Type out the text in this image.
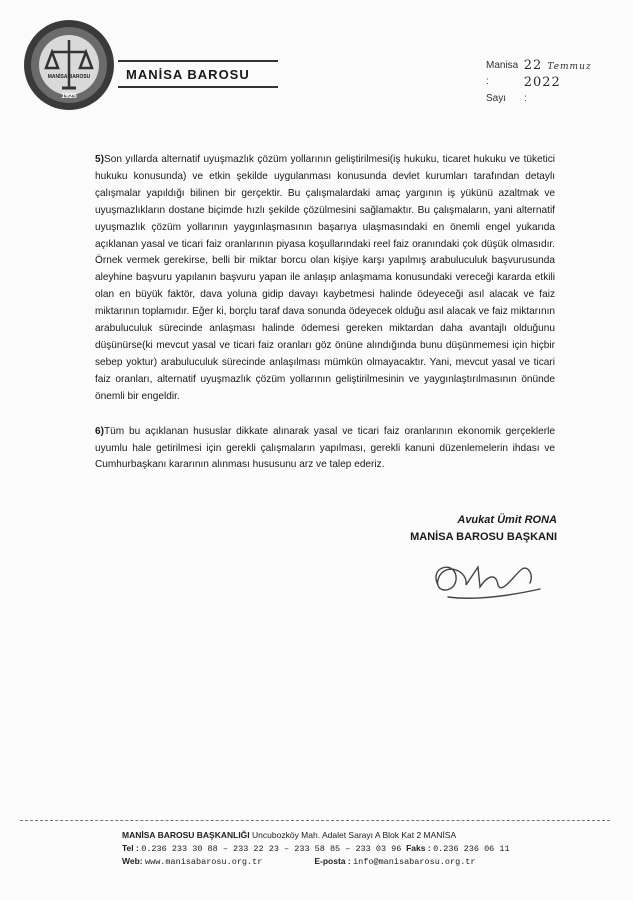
1925
MANİSA BAROSU	MANİSA BAROSU
Manisa :
22 Temmuz 2022
Sayı	:

5)Son yıllarda alternatif uyuşmazlık çözüm yollarının geliştirilmesi(iş hukuku, ticaret hukuku ve tüketici hukuku konusunda) ve etkin şekilde uygulanması konusunda devlet kurumları tarafından detaylı çalışmalar yapıldığı bilinen bir gerçektir. Bu çalışmalardaki amaç yargının iş yükünü azaltmak ve uyuşmazlıkların dostane biçimde hızlı şekilde çözülmesini sağlamaktır. Bu çalışmaların, yani alternatif uyuşmazlık çözüm yollarının yaygınlaşmasının başarıya ulaşmasındaki en önemli engel yukarıda açıklanan yasal ve ticari faiz oranlarının piyasa koşullarındaki reel faiz oranındaki çok düşük olmasıdır. Örnek vermek gerekirse, belli bir miktar borcu olan kişiye karşı yapılmış arabuluculuk başvurusunda aleyhine başvuru yapılanın başvuru yapan ile anlaşıp anlaşmama konusundaki vereceği kararda etkili olan en büyük faktör, dava yoluna gidip davayı kaybetmesi halinde ödeyeceği asıl alacak ve faiz miktarının toplamıdır. Eğer ki, borçlu taraf dava sonunda ödeyecek olduğu asıl alacak ve faiz miktarının arabuluculuk sürecinde anlaşması halinde ödemesi gereken miktardan daha avantajlı olduğunu düşünürse(ki mevcut yasal ve ticari faiz oranları göz önüne alındığında bunu düşünmemesi için hiçbir sebep yoktur) arabuluculuk sürecinde anlaşılması mümkün olmayacaktır. Yani, mevcut yasal ve ticari faiz oranları, alternatif uyuşmazlık çözüm yollarının geliştirilmesinin ve yaygınlaştırılmasının önünde önemli bir engeldir.

6)Tüm bu açıklanan hususlar dikkate alınarak yasal ve ticari faiz oranlarının ekonomik gerçeklerle uyumlu hale getirilmesi için gerekli çalışmaların yapılması, gerekli kanuni düzenlemelerin ihdası ve Cumhurbaşkanı kararının alınması hususunu arz ve talep ederiz.

Avukat Ümit RONA
MANİSA BAROSU BAŞKANI
MANİSA BAROSU BAŞKANLIĞI Uncubozköy Mah. Adalet Sarayı A Blok Kat 2 MANİSA
Tel : 0.236 233 30 88 – 233 22 23 – 233 58 85 – 233 03 96 Faks : 0.236 236 06 11
Web: www.manisabarosu.org.tr	E-posta : info@manisabarosu.org.tr
